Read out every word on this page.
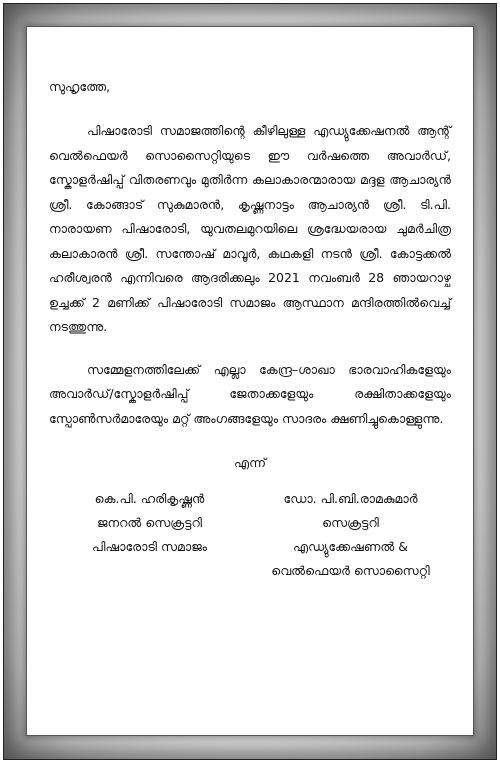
സുഹൃത്തേ,

പിഷാരോടി സമാജത്തിന്റെ കീഴിലുള്ള എഡ്യുക്കേഷനൽ ആന്റ് വെൽഫെയർ സൊസൈറ്റിയുടെ ഈ വർഷത്തെ അവാർഡ്, സ്കോളർഷിപ്പ് വിതരണവും മുതിർന്ന കലാകാരന്മാരായ മദ്ദള ആചാര്യൻ ശ്രീ. കോങ്ങാട് സുകുമാരൻ, കൃഷ്ണനാട്ടം ആചാര്യൻ ശ്രീ. ടി.പി. നാരായണ പിഷാരോടി, യുവതലമുറയിലെ ശ്രദ്ധേയരായ ചുമർചിത്ര കലാകാരൻ ശ്രീ. സന്തോഷ് മാവൂർ, കഥകളി നടൻ ശ്രീ. കോട്ടക്കൽ ഹരീശ്വരൻ എന്നിവരെ ആദരിക്കലും 2021 നവംബർ 28 ഞായറാഴ്ച ഉച്ചക്ക് 2 മണിക്ക് പിഷാരോടി സമാജം ആസ്ഥാന മന്ദിരത്തിൽവെച്ച് നടത്തുന്നു.

സമ്മേളനത്തിലേക്ക് എല്ലാ കേന്ദ്ര–ശാഖാ ഭാരവാഹികളേയും അവാർഡ്/സ്കോളർഷിപ്പ് ജേതാക്കളേയും രക്ഷിതാക്കളേയും സ്പോൺസർമാരേയും മറ്റ് അംഗങ്ങളേയും സാദരം ക്ഷണിച്ചുകൊള്ളുന്നു.

എന്ന്
കെ.പി. ഹരികൃഷ്ണൻ
ജനറൽ സെക്രട്ടറി
പിഷാരോടി സമാജം
ഡോ. പി.ബി.രാമകുമാർ
സെക്രട്ടറി
എഡ്യുക്കേഷണൽ &
വെൽഫെയർ സൊസൈറ്റി
